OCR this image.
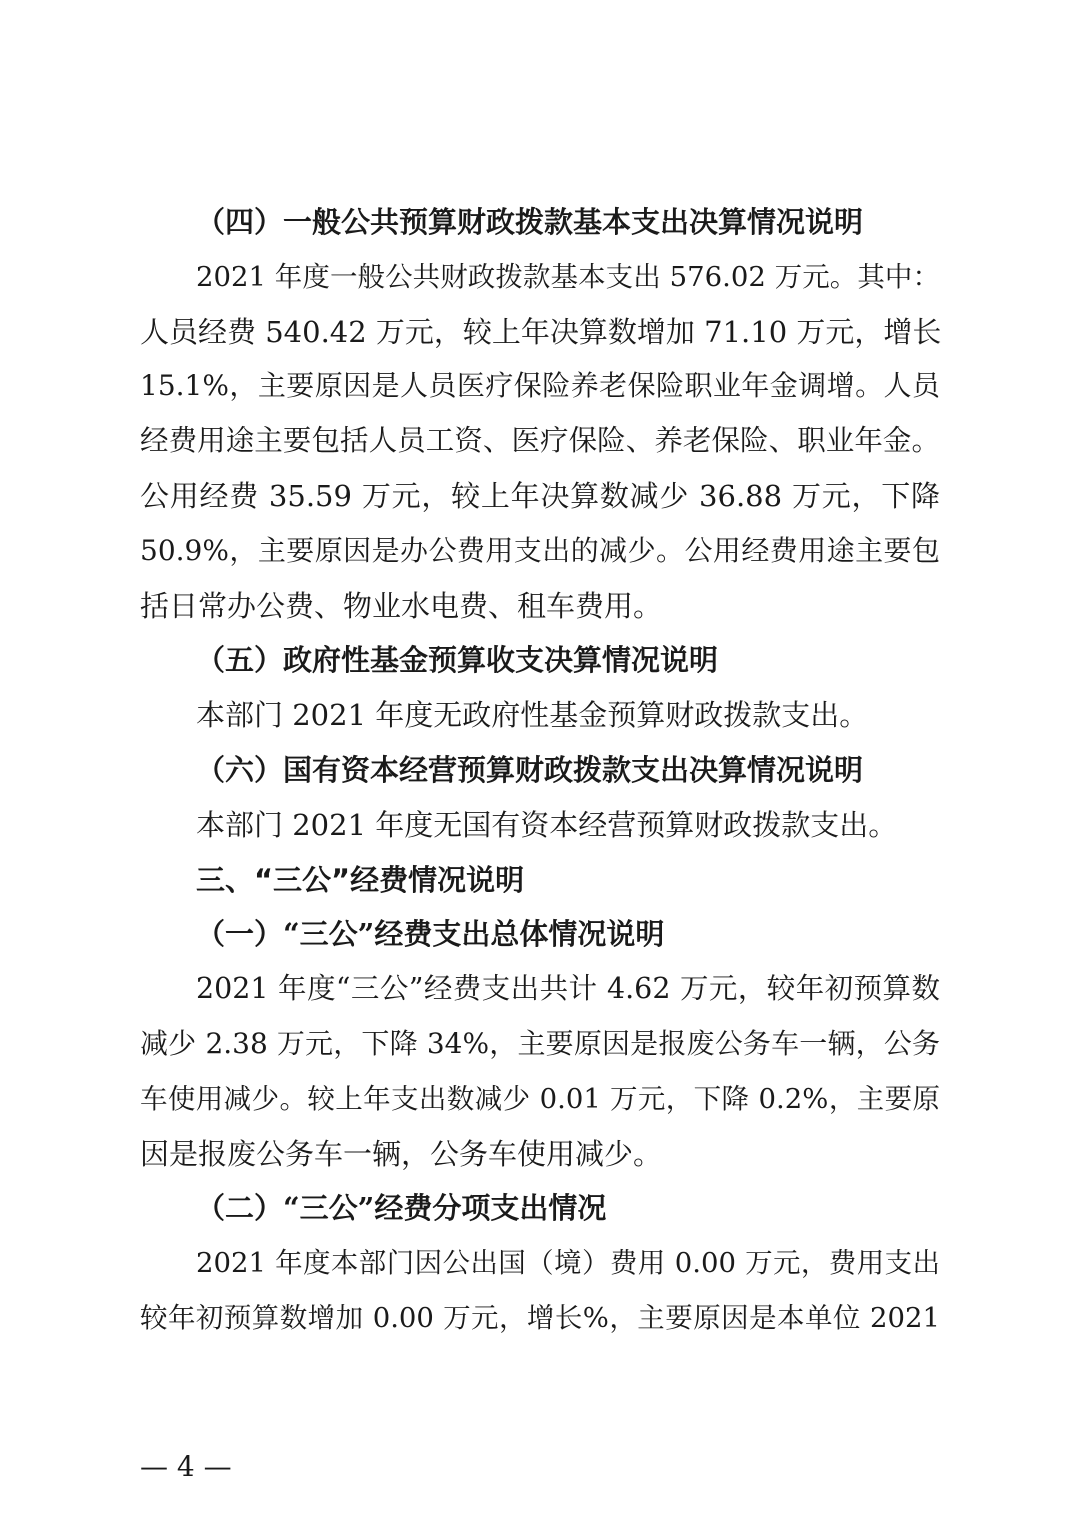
（四）一般公共预算财政拨款基本支出决算情况说明
2021 年度一般公共财政拨款基本支出 576.02 万元。其中：
人员经费 540.42 万元，较上年决算数增加 71.10 万元，增长
15.1%，主要原因是人员医疗保险养老保险职业年金调增。人员
经费用途主要包括人员工资、医疗保险、养老保险、职业年金。
公用经费 35.59 万元，较上年决算数减少 36.88 万元，下降
50.9%，主要原因是办公费用支出的减少。公用经费用途主要包
括日常办公费、物业水电费、租车费用。
（五）政府性基金预算收支决算情况说明
本部门 2021 年度无政府性基金预算财政拨款支出。
（六）国有资本经营预算财政拨款支出决算情况说明
本部门 2021 年度无国有资本经营预算财政拨款支出。
三、“三公”经费情况说明
（一）“三公”经费支出总体情况说明
2021 年度“三公”经费支出共计 4.62 万元，较年初预算数
减少 2.38 万元，下降 34%，主要原因是报废公务车一辆，公务
车使用减少。较上年支出数减少 0.01 万元，下降 0.2%，主要原
因是报废公务车一辆，公务车使用减少。
（二）“三公”经费分项支出情况
2021 年度本部门因公出国（境）费用 0.00 万元，费用支出
较年初预算数增加 0.00 万元，增长%，主要原因是本单位 2021
— 4 —
